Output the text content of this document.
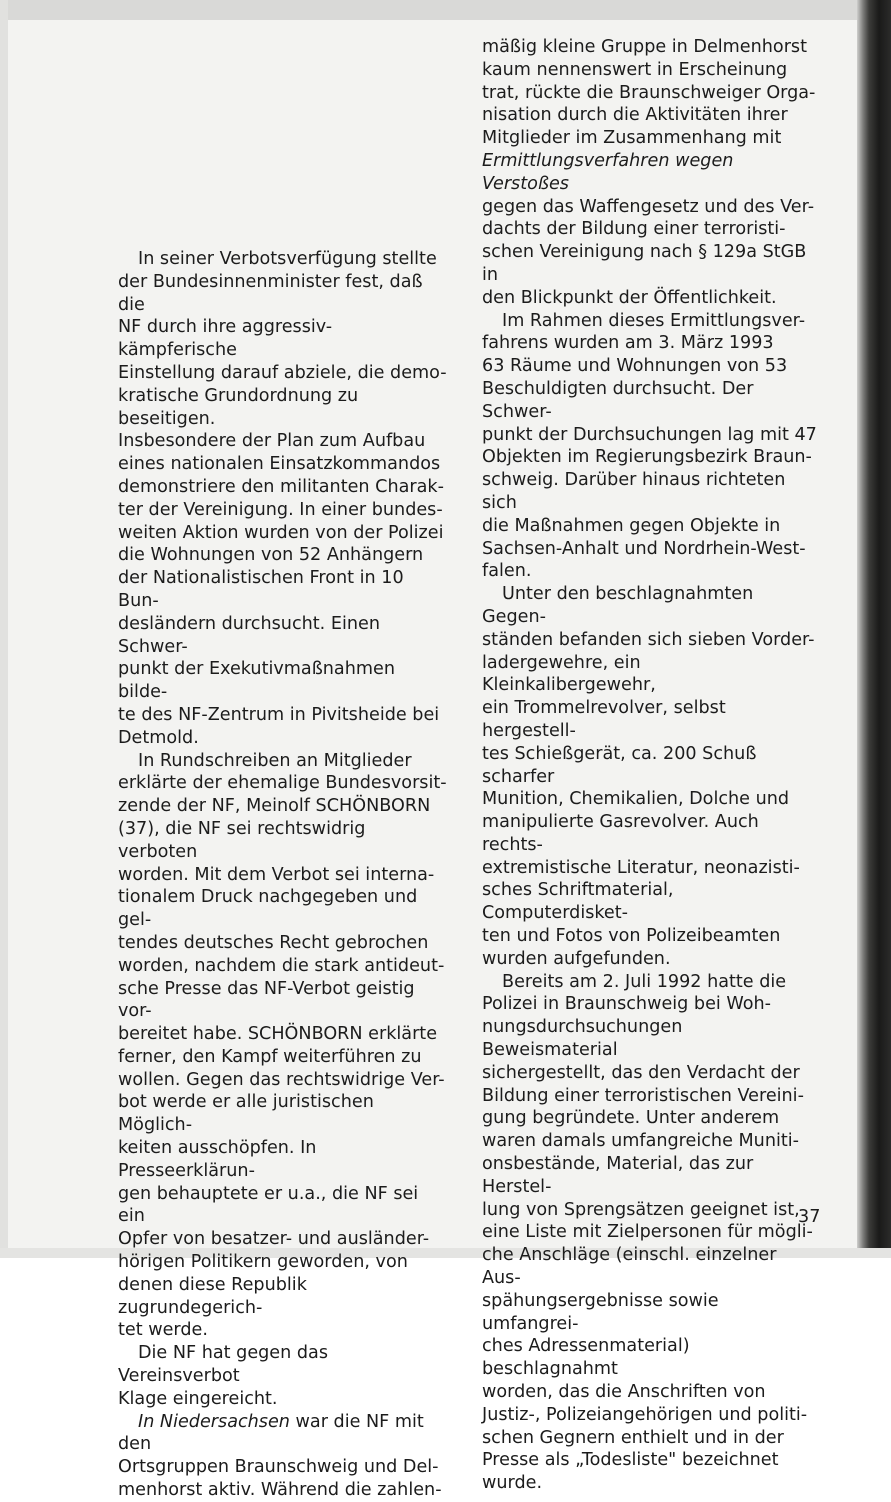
In seiner Verbotsverfügung stellte
der Bundesinnenminister fest, daß die
NF durch ihre aggressiv-kämpferische
Einstellung darauf abziele, die demo-
kratische Grundordnung zu beseitigen.
Insbesondere der Plan zum Aufbau
eines nationalen Einsatzkommandos
demonstriere den militanten Charak-
ter der Vereinigung. In einer bundes-
weiten Aktion wurden von der Polizei
die Wohnungen von 52 Anhängern
der Nationalistischen Front in 10 Bun-
desländern durchsucht. Einen Schwer-
punkt der Exekutivmaßnahmen bilde-
te des NF-Zentrum in Pivitsheide bei
Detmold.

In Rundschreiben an Mitglieder
erklärte der ehemalige Bundesvorsit-
zende der NF, Meinolf SCHÖNBORN
(37), die NF sei rechtswidrig verboten
worden. Mit dem Verbot sei interna-
tionalem Druck nachgegeben und gel-
tendes deutsches Recht gebrochen
worden, nachdem die stark antideut-
sche Presse das NF-Verbot geistig vor-
bereitet habe. SCHÖNBORN erklärte
ferner, den Kampf weiterführen zu
wollen. Gegen das rechtswidrige Ver-
bot werde er alle juristischen Möglich-
keiten ausschöpfen. In Presseerklärun-
gen behauptete er u.a., die NF sei ein
Opfer von besatzer- und ausländer-
hörigen Politikern geworden, von
denen diese Republik zugrundegerich-
tet werde.

Die NF hat gegen das Vereinsverbot
Klage eingereicht.

In Niedersachsen war die NF mit den
Ortsgruppen Braunschweig und Del-
menhorst aktiv. Während die zahlen-

mäßig kleine Gruppe in Delmenhorst
kaum nennenswert in Erscheinung
trat, rückte die Braunschweiger Orga-
nisation durch die Aktivitäten ihrer
Mitglieder im Zusammenhang mit
Ermittlungsverfahren wegen Verstoßes
gegen das Waffengesetz und des Ver-
dachts der Bildung einer terroristi-
schen Vereinigung nach § 129a StGB in
den Blickpunkt der Öffentlichkeit.

Im Rahmen dieses Ermittlungsver-
fahrens wurden am 3. März 1993
63 Räume und Wohnungen von 53
Beschuldigten durchsucht. Der Schwer-
punkt der Durchsuchungen lag mit 47
Objekten im Regierungsbezirk Braun-
schweig. Darüber hinaus richteten sich
die Maßnahmen gegen Objekte in
Sachsen-Anhalt und Nordrhein-West-
falen.

Unter den beschlagnahmten Gegen-
ständen befanden sich sieben Vorder-
ladergewehre, ein Kleinkalibergewehr,
ein Trommelrevolver, selbst hergestell-
tes Schießgerät, ca. 200 Schuß scharfer
Munition, Chemikalien, Dolche und
manipulierte Gasrevolver. Auch rechts-
extremistische Literatur, neonazisti-
sches Schriftmaterial, Computerdisket-
ten und Fotos von Polizeibeamten
wurden aufgefunden.

Bereits am 2. Juli 1992 hatte die
Polizei in Braunschweig bei Woh-
nungsdurchsuchungen Beweismaterial
sichergestellt, das den Verdacht der
Bildung einer terroristischen Vereini-
gung begründete. Unter anderem
waren damals umfangreiche Muniti-
onsbestände, Material, das zur Herstel-
lung von Sprengsätzen geeignet ist,
eine Liste mit Zielpersonen für mögli-
che Anschläge (einschl. einzelner Aus-
spähungsergebnisse sowie umfangrei-
ches Adressenmaterial) beschlagnahmt
worden, das die Anschriften von
Justiz-, Polizeiangehörigen und politi-
schen Gegnern enthielt und in der
Presse als „Todesliste" bezeichnet
wurde.

37
